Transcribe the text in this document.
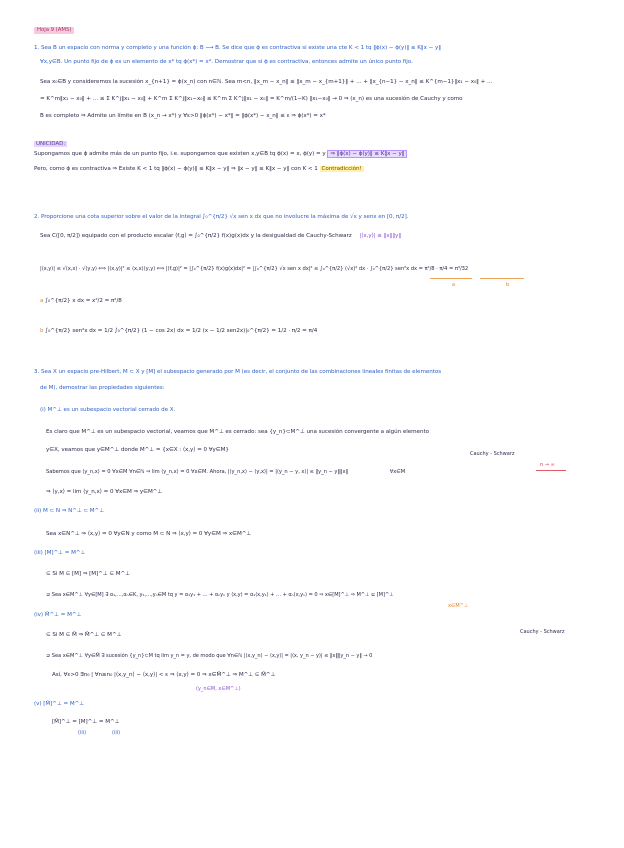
Hoja 9 (AMS)
1. Sea B un espacio con norma y completo y una función ϕ: B ⟶ B. Se dice que ϕ es contractiva si existe una cte K < 1 tq ‖ϕ(x) − ϕ(y)‖ ≤ K‖x − y‖
∀x,y∈B. Un punto fijo de ϕ es un elemento de x* tq ϕ(x*) = x*. Demostrar que si ϕ es contractiva, entonces admite un único punto fijo.
Sea x₀∈B y consideremos la sucesión x_{n+1} = ϕ(x_n) con n∈ℕ. Sea m<n, ‖x_m − x_n‖ ≤ ‖x_m − x_{m+1}‖ + … + ‖x_{n−1} − x_n‖ ≤ K^{m−1}‖x₁ − x₀‖ + …
= K^m‖x₁ − x₀‖ + … ≤ Σ K^j‖x₁ − x₀‖ + K^m Σ K^j‖x₁−x₀‖ ≤ K^m Σ K^j‖x₁ − x₀‖ = K^m/(1−K) ‖x₁−x₀‖ → 0 ⇒ (x_n) es una sucesión de Cauchy y como
B es completo ⇒ Admite un límite en B (x_n → x*) y ∀ε>0 ‖ϕ(x*) − x*‖ = ‖ϕ(x*) − x_n‖ ≤ ε ⇒ ϕ(x*) = x*
UNICIDAD:
Supongamos que ϕ admite más de un punto fijo, i.e. supongamos que existen x,y∈B tq ϕ(x) = x, ϕ(y) = y ⇒ ‖ϕ(x) − ϕ(y)‖ ≤ K‖x − y‖
Pero, como ϕ es contractiva ⇒ Existe K < 1 tq ‖ϕ(x) − ϕ(y)‖ ≤ K‖x − y‖ ⇒ ‖x − y‖ ≤ K‖x − y‖ con K < 1 Contradicción!
2. Proporcione una cota superior sobre el valor de la integral ∫₀^{π/2} √x sen x dx que no involucre la máxima de √x y senx en [0, π/2].
Sea C([0, π/2]) equipado con el producto escalar ⟨f,g⟩ = ∫₀^{π/2} f(x)g(x)dx y la desigualdad de Cauchy-Schwarz |⟨x,y⟩| ≤ ‖x‖‖y‖
|⟨x,y⟩| ≤ √⟨x,x⟩ · √⟨y,y⟩ ⟺ |⟨x,y⟩|² ≤ ⟨x,x⟩⟨y,y⟩ ⟺ |⟨f,g⟩|² = |∫₀^{π/2} f(x)g(x)dx|² = |∫₀^{π/2} √x sen x dx|² ≤ ∫₀^{π/2} (√x)² dx · ∫₀^{π/2} sen²x dx = π²/8 · π/4 = π³/32
a	b
a ∫₀^{π/2} x dx = x²/2 = π²/8
b ∫₀^{π/2} sen²x dx = 1/2 ∫₀^{π/2} (1 − cos 2x) dx = 1/2 (x − 1/2 sen2x)|₀^{π/2} = 1/2 · π/2 = π/4
3. Sea X un espacio pre-Hilbert, M ⊂ X y [M] el subespacio generado por M (es decir, el conjunto de las combinaciones lineales finitas de elementos
de M), demostrar las propiedades siguientes:
(i) M^⊥ es un subespacio vectorial cerrado de X.
Es claro que M^⊥ es un subespacio vectorial, veamos que M^⊥ es cerrado: sea {y_n}⊂M^⊥ una sucesión convergente a algún elemento
Cauchy - Schwarz
y∈X, veamos que y∈M^⊥ donde M^⊥ = {x∈X : ⟨x,y⟩ = 0 ∀y∈M}
n → ∞
Sabemos que ⟨y_n,x⟩ = 0 ∀x∈M ∀n∈ℕ ⇒ lim ⟨y_n,x⟩ = 0 ∀x∈M. Ahora, |⟨y_n,x⟩ − ⟨y,x⟩| = |⟨y_n − y, x⟩| ≤ ‖y_n − y‖‖x‖	∀x∈M
⇒ ⟨y,x⟩ = lim ⟨y_n,x⟩ = 0 ∀x∈M ⇒ y∈M^⊥
(ii) M ⊂ N ⇒ N^⊥ ⊂ M^⊥
Sea x∈N^⊥ ⇒ ⟨x,y⟩ = 0 ∀y∈N y como M ⊂ N ⇒ ⟨x,y⟩ = 0 ∀y∈M ⇒ x∈M^⊥
(iii) [M]^⊥ = M^⊥
⊆ Si M ⊆ [M] ⇒ [M]^⊥ ⊆ M^⊥
⊇ Sea x∈M^⊥ ∀y∈[M] ∃ α₁,…,αₙ∈K, y₁,…,yₙ∈M tq y = α₁y₁ + … + αₙyₙ y ⟨x,y⟩ = α₁⟨x,y₁⟩ + … + αₙ⟨x,yₙ⟩ = 0 ⇒ x∈[M]^⊥ ⇒ M^⊥ ⊆ [M]^⊥
x∈M^⊥
(iv) M̄^⊥ = M^⊥
⊆ Si M ⊆ M̄ ⇒ M̄^⊥ ⊆ M^⊥	Cauchy - Schwarz
⊇ Sea x∈M^⊥ ∀y∈M̄ ∃ sucesión {y_n}⊂M tq lim y_n = y, de modo que ∀n∈ℕ |⟨x,y_n⟩ − ⟨x,y⟩| = |⟨x, y_n − y⟩| ≤ ‖x‖‖y_n − y‖ → 0
Así, ∀ε>0 ∃n₀ | ∀n≥n₀ |⟨x,y_n⟩ − ⟨x,y⟩| < ε ⇒ ⟨x,y⟩ = 0 ⇒ x∈M̄^⊥ ⇒ M^⊥ ⊆ M̄^⊥
(y_n∈M, x∈M^⊥)
(v) [M̄]^⊥ = M^⊥
[M̄]^⊥ = [M]^⊥ = M^⊥
(iii)	(iii)
